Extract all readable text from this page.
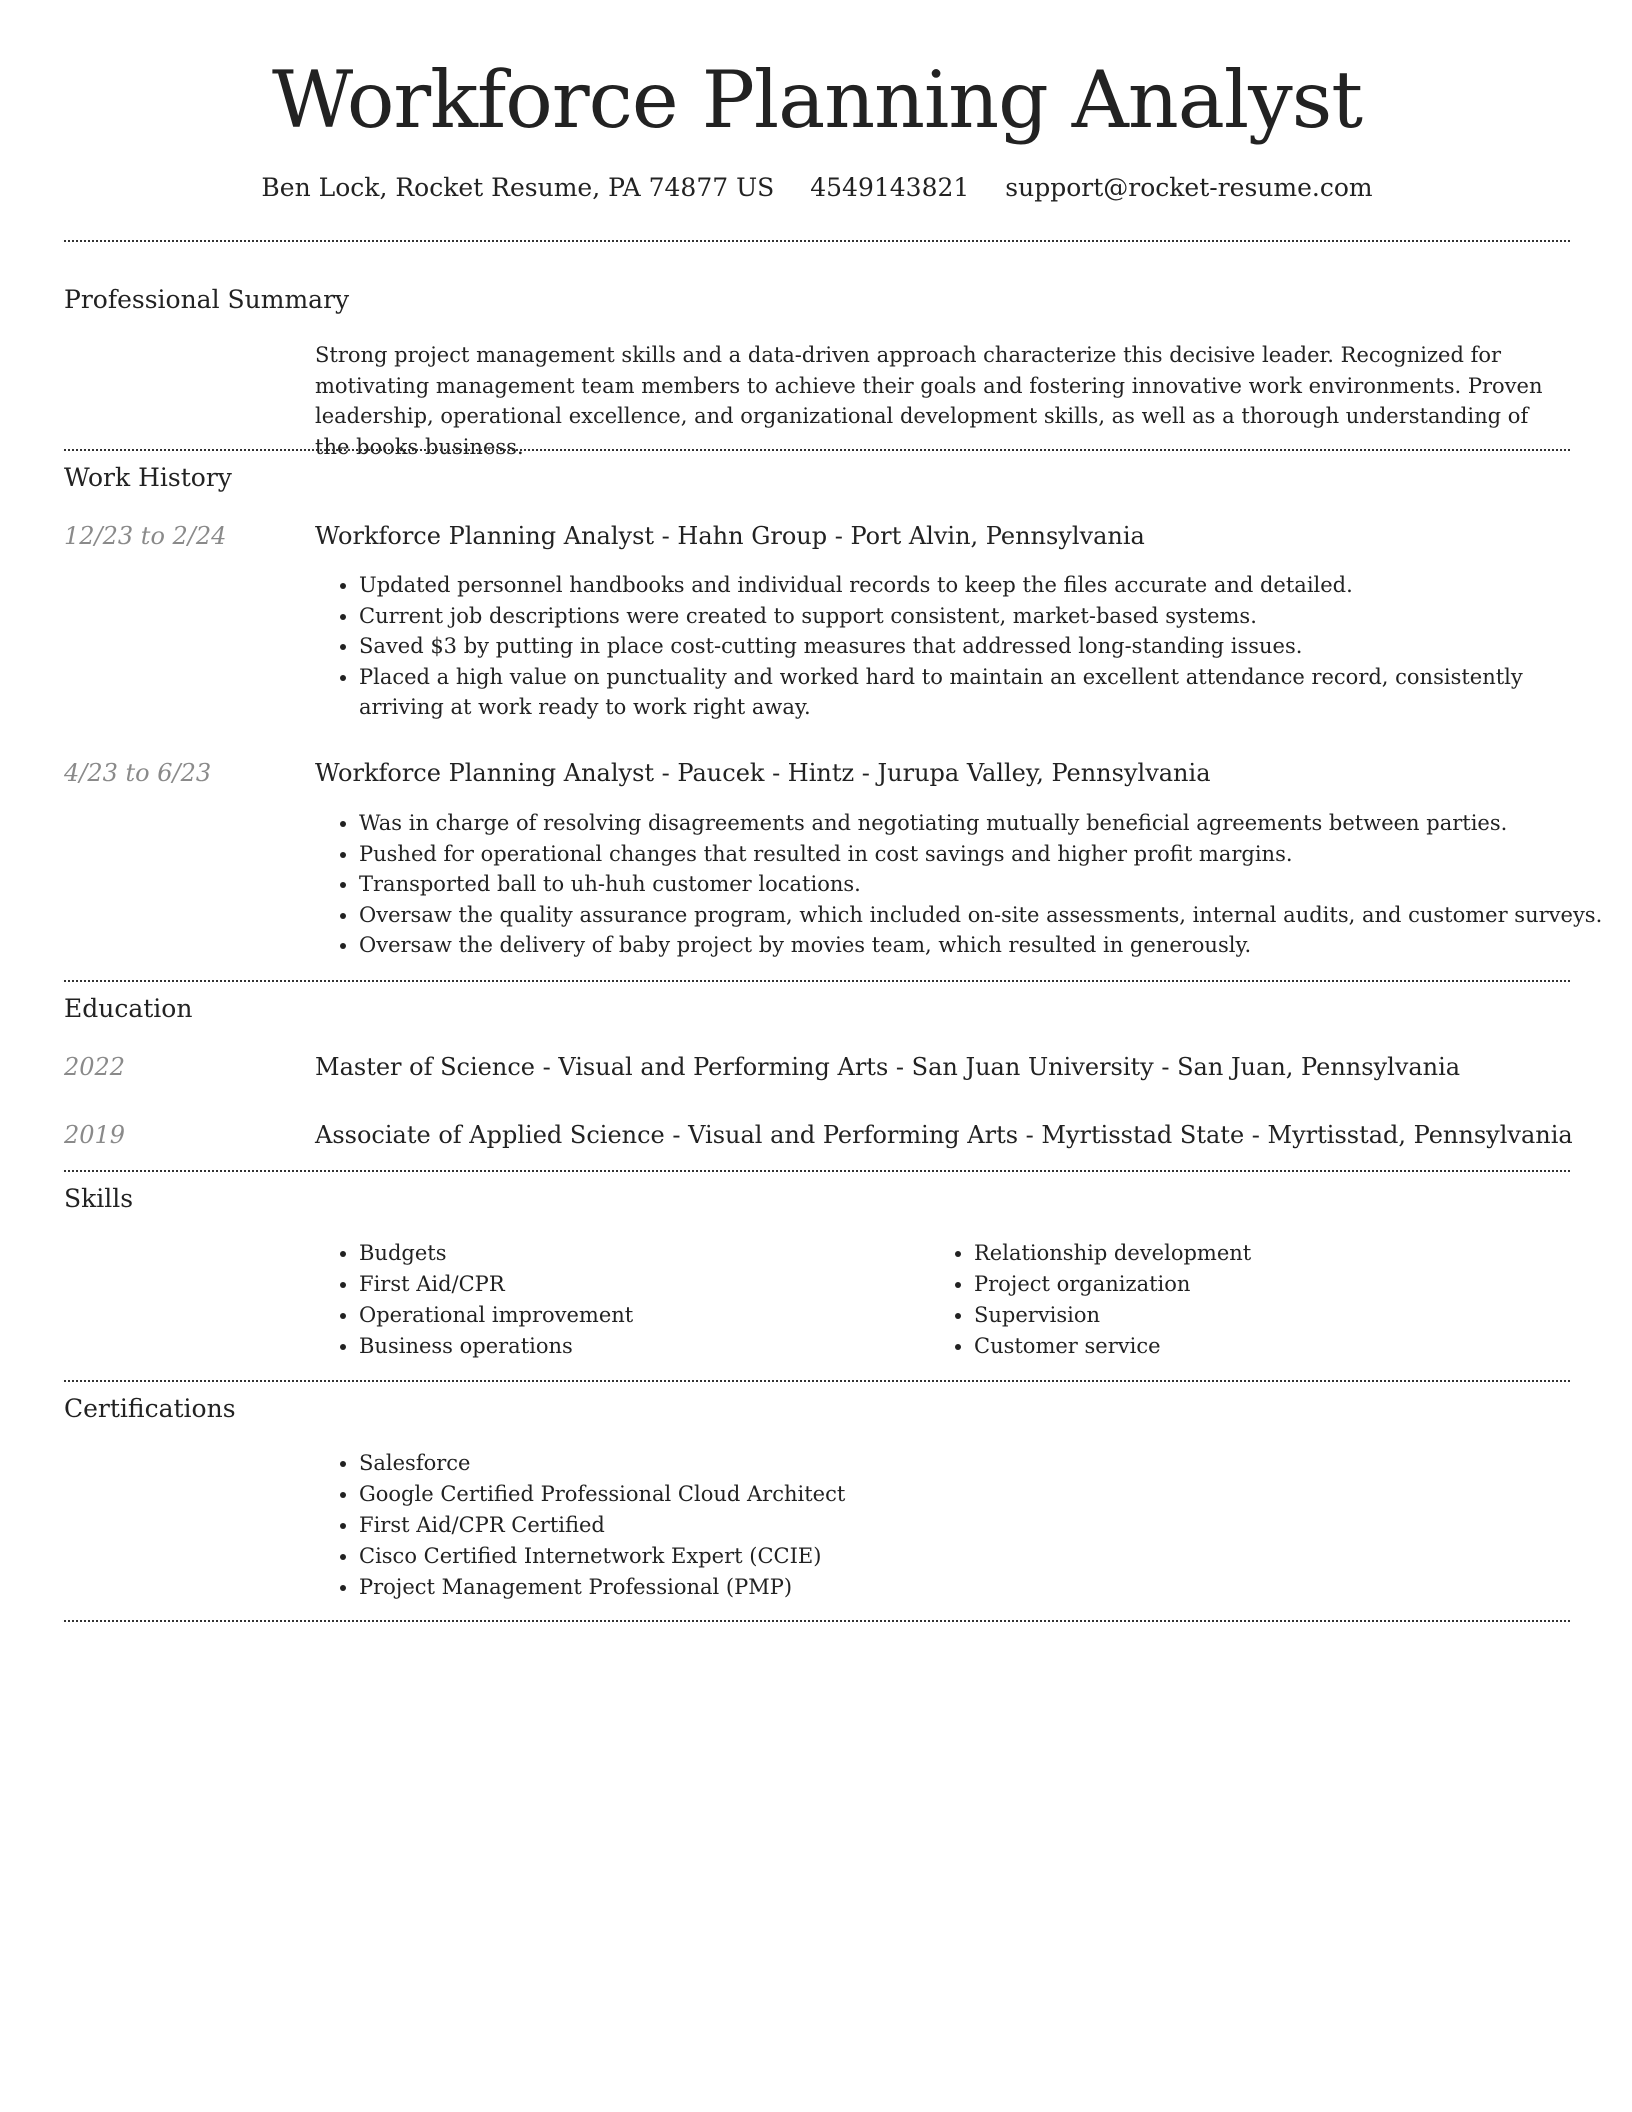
Workforce Planning Analyst
Ben Lock, Rocket Resume, PA 74877 US 4549143821 support@rocket-resume.com
Professional Summary
Strong project management skills and a data-driven approach characterize this decisive leader. Recognized for motivating management team members to achieve their goals and fostering innovative work environments. Proven leadership, operational excellence, and organizational development skills, as well as a thorough understanding of the books business.
Work History
12/23 to 2/24	Workforce Planning Analyst - Hahn Group - Port Alvin, Pennsylvania
• Updated personnel handbooks and individual records to keep the files accurate and detailed.
• Current job descriptions were created to support consistent, market-based systems.
• Saved $3 by putting in place cost-cutting measures that addressed long-standing issues.
• Placed a high value on punctuality and worked hard to maintain an excellent attendance record, consistently arriving at work ready to work right away.
4/23 to 6/23	Workforce Planning Analyst - Paucek - Hintz - Jurupa Valley, Pennsylvania
• Was in charge of resolving disagreements and negotiating mutually beneficial agreements between parties.
• Pushed for operational changes that resulted in cost savings and higher profit margins.
• Transported ball to uh-huh customer locations.
• Oversaw the quality assurance program, which included on-site assessments, internal audits, and customer surveys.
• Oversaw the delivery of baby project by movies team, which resulted in generously.
Education
2022	Master of Science - Visual and Performing Arts - San Juan University - San Juan, Pennsylvania
2019	Associate of Applied Science - Visual and Performing Arts - Myrtisstad State - Myrtisstad, Pennsylvania
Skills
• Budgets
• First Aid/CPR
• Operational improvement
• Business operations
• Relationship development
• Project organization
• Supervision
• Customer service
Certifications
• Salesforce
• Google Certified Professional Cloud Architect
• First Aid/CPR Certified
• Cisco Certified Internetwork Expert (CCIE)
• Project Management Professional (PMP)
